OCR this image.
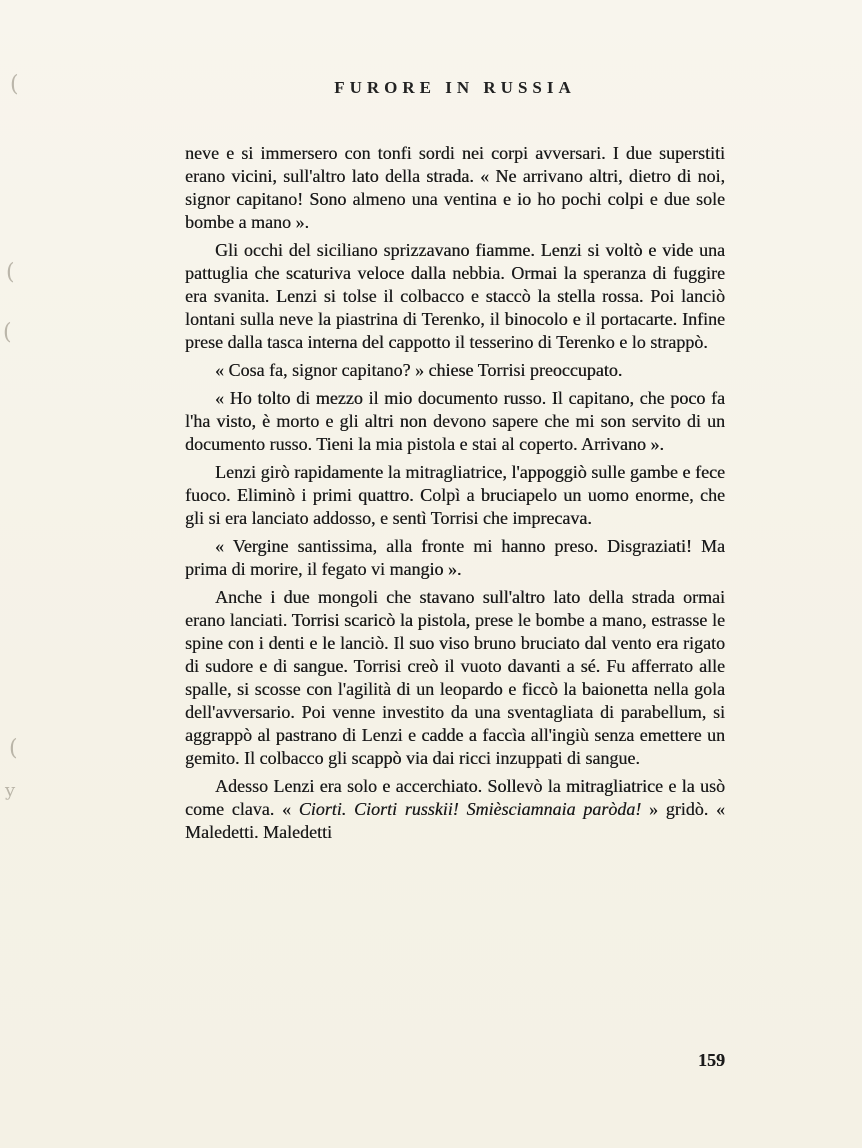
(
(
(
(
y
FURORE IN RUSSIA

neve e si immersero con tonfi sordi nei corpi avversari. I due superstiti erano vicini, sull'altro lato della strada. « Ne arrivano altri, dietro di noi, signor capitano! Sono almeno una ventina e io ho pochi colpi e due sole bombe a mano ».

Gli occhi del siciliano sprizzavano fiamme. Lenzi si voltò e vide una pattuglia che scaturiva veloce dalla nebbia. Ormai la speranza di fuggire era svanita. Lenzi si tolse il colbacco e staccò la stella rossa. Poi lanciò lontani sulla neve la piastrina di Terenko, il binocolo e il portacarte. Infine prese dalla tasca interna del cappotto il tesserino di Terenko e lo strappò.

« Cosa fa, signor capitano? » chiese Torrisi preoccupato.

« Ho tolto di mezzo il mio documento russo. Il capitano, che poco fa l'ha visto, è morto e gli altri non devono sapere che mi son servito di un documento russo. Tieni la mia pistola e stai al coperto. Arrivano ».

Lenzi girò rapidamente la mitragliatrice, l'appoggiò sulle gambe e fece fuoco. Eliminò i primi quattro. Colpì a bruciapelo un uomo enorme, che gli si era lanciato addosso, e sentì Torrisi che imprecava.

« Vergine santissima, alla fronte mi hanno preso. Disgraziati! Ma prima di morire, il fegato vi mangio ».

Anche i due mongoli che stavano sull'altro lato della strada ormai erano lanciati. Torrisi scaricò la pistola, prese le bombe a mano, estrasse le spine con i denti e le lanciò. Il suo viso bruno bruciato dal vento era rigato di sudore e di sangue. Torrisi creò il vuoto davanti a sé. Fu afferrato alle spalle, si scosse con l'agilità di un leopardo e ficcò la baionetta nella gola dell'avversario. Poi venne investito da una sventagliata di parabellum, si aggrappò al pastrano di Lenzi e cadde a faccìa all'ingiù senza emettere un gemito. Il colbacco gli scappò via dai ricci inzuppati di sangue.

Adesso Lenzi era solo e accerchiato. Sollevò la mitragliatrice e la usò come clava. « Ciorti. Ciorti russkii! Smièsciamnaia paròda! » gridò. « Maledetti. Maledetti

159
